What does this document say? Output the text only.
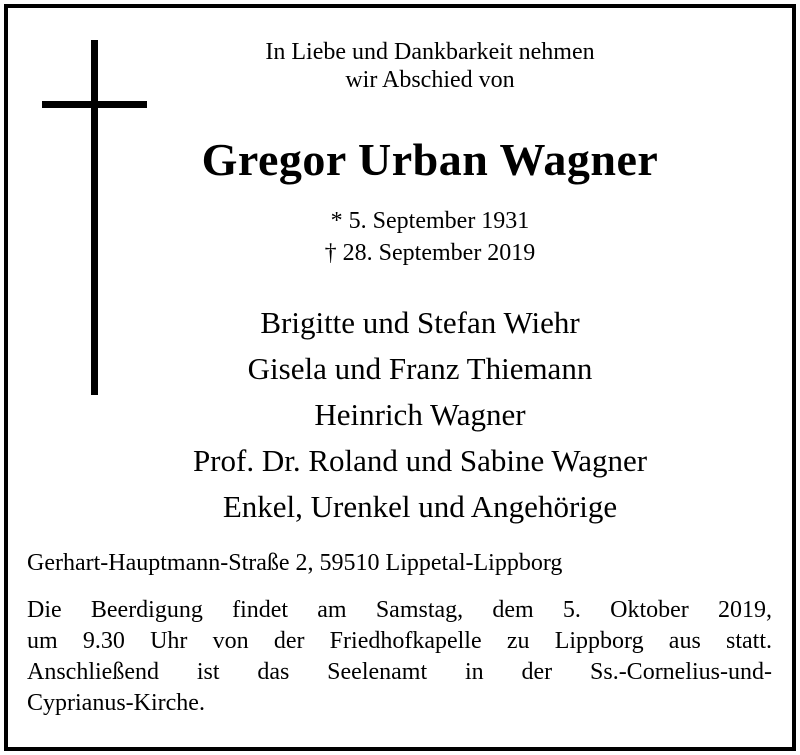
In Liebe und Dankbarkeit nehmen
wir Abschied von
Gregor Urban Wagner
* 5. September 1931
† 28. September 2019
Brigitte und Stefan Wiehr
Gisela und Franz Thiemann
Heinrich Wagner
Prof. Dr. Roland und Sabine Wagner
Enkel, Urenkel und Angehörige
Gerhart-Hauptmann-Straße 2, 59510 Lippetal-Lippborg
Die Beerdigung findet am Samstag, dem 5. Oktober 2019,
um 9.30 Uhr von der Friedhofkapelle zu Lippborg aus statt.
Anschließend ist das Seelenamt in der Ss.-Cornelius-und-
Cyprianus-Kirche.
